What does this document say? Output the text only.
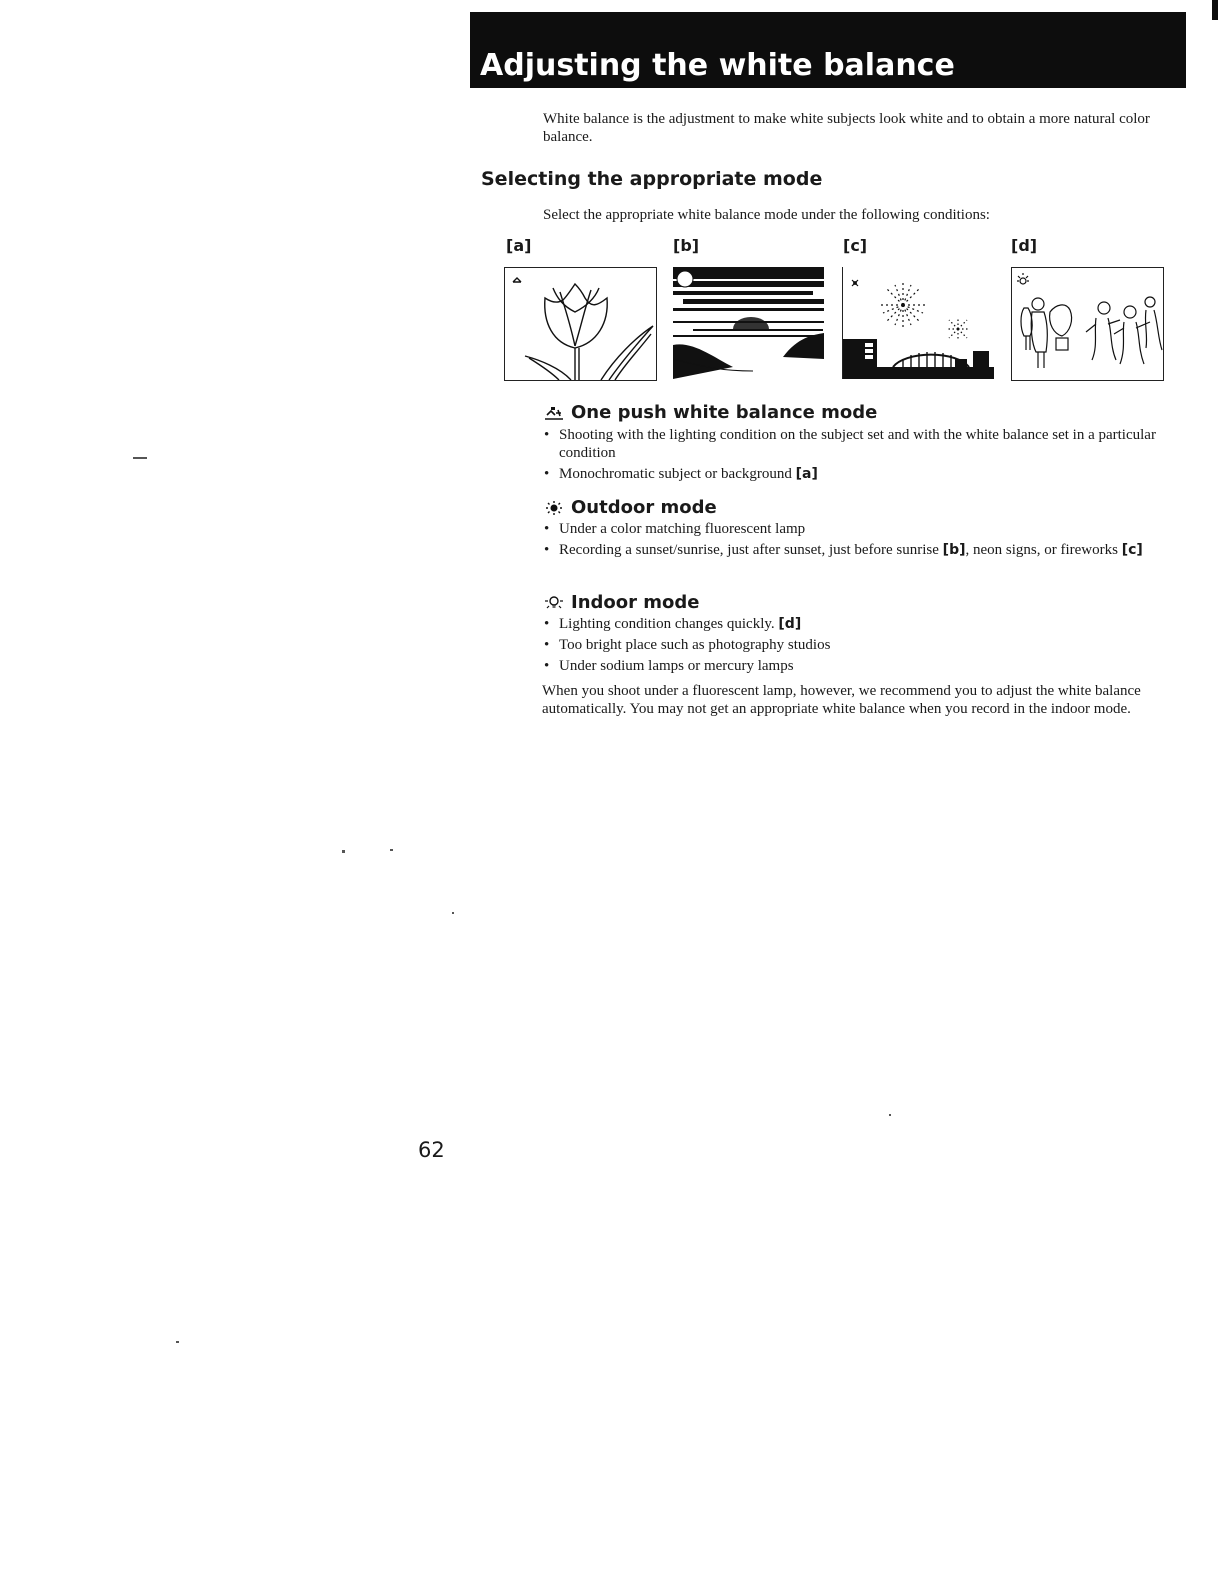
Adjusting the white balance
White balance is the adjustment to make white subjects look white and to obtain a more natural color balance.
Selecting the appropriate mode
Select the appropriate white balance mode under the following conditions:
[a]	[b]	[c]	[d]
One push white balance mode
• Shooting with the lighting condition on the subject set and with the white balance set in a particular condition
• Monochromatic subject or background [a]
Outdoor mode
• Under a color matching fluorescent lamp
• Recording a sunset/sunrise, just after sunset, just before sunrise [b], neon signs, or fireworks [c]
Indoor mode
• Lighting condition changes quickly. [d]
• Too bright place such as photography studios
• Under sodium lamps or mercury lamps
When you shoot under a fluorescent lamp, however, we recommend you to adjust the white balance automatically. You may not get an appropriate white balance when you record in the indoor mode.
62
